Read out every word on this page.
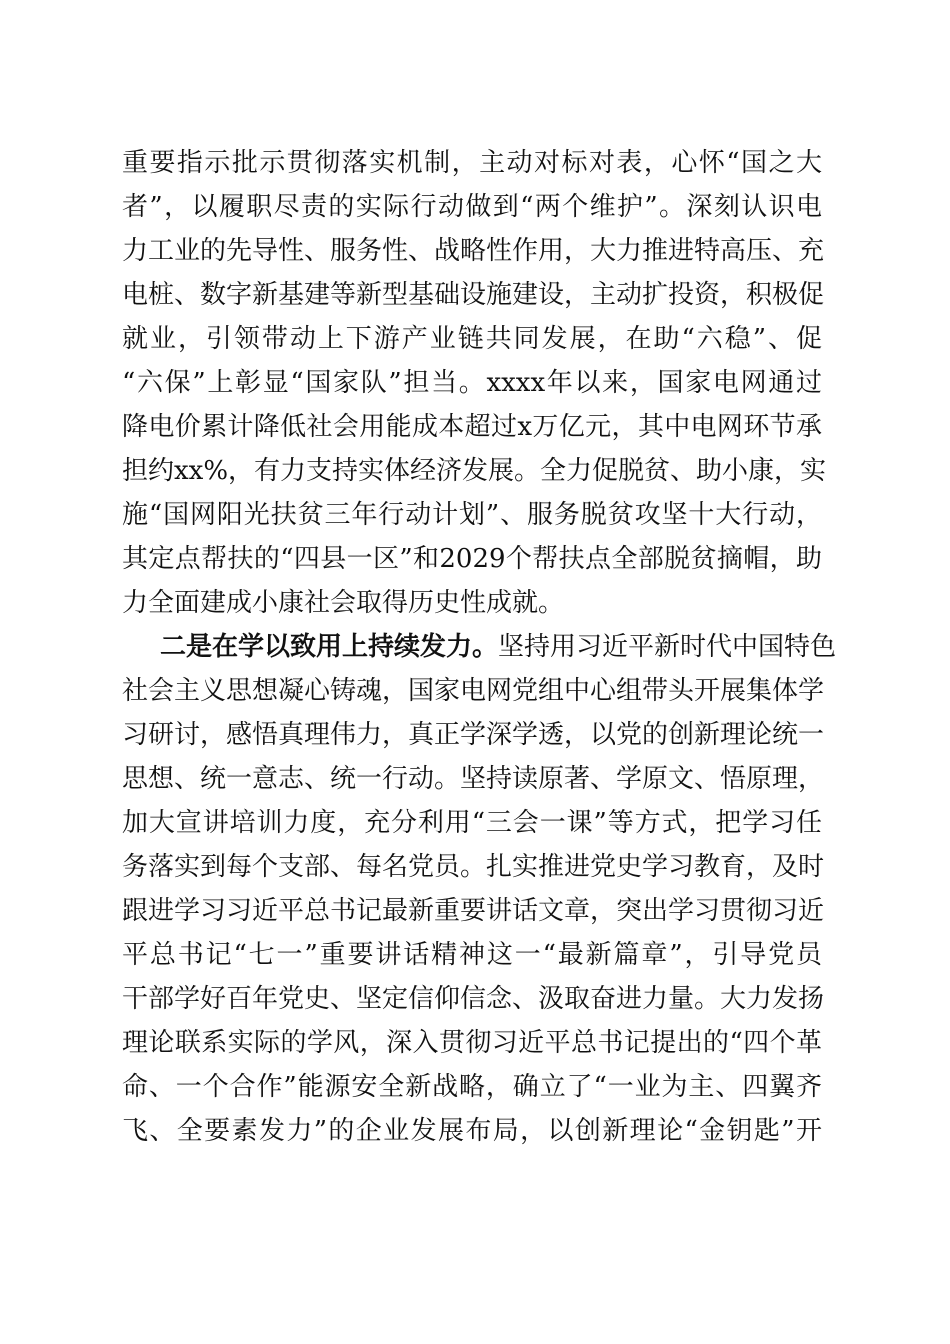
重要指示批示贯彻落实机制，主动对标对表，心怀“国之大
者”，以履职尽责的实际行动做到“两个维护”。深刻认识电
力工业的先导性、服务性、战略性作用，大力推进特高压、充
电桩、数字新基建等新型基础设施建设，主动扩投资，积极促
就业，引领带动上下游产业链共同发展，在助“六稳”、促
“六保”上彰显“国家队”担当。xxxx年以来，国家电网通过
降电价累计降低社会用能成本超过x万亿元，其中电网环节承
担约xx%，有力支持实体经济发展。全力促脱贫、助小康，实
施“国网阳光扶贫三年行动计划”、服务脱贫攻坚十大行动，
其定点帮扶的“四县一区”和2029个帮扶点全部脱贫摘帽，助
力全面建成小康社会取得历史性成就。
二是在学以致用上持续发力。坚持用习近平新时代中国特色
社会主义思想凝心铸魂，国家电网党组中心组带头开展集体学
习研讨，感悟真理伟力，真正学深学透，以党的创新理论统一
思想、统一意志、统一行动。坚持读原著、学原文、悟原理，
加大宣讲培训力度，充分利用“三会一课”等方式，把学习任
务落实到每个支部、每名党员。扎实推进党史学习教育，及时
跟进学习习近平总书记最新重要讲话文章，突出学习贯彻习近
平总书记“七一”重要讲话精神这一“最新篇章”，引导党员
干部学好百年党史、坚定信仰信念、汲取奋进力量。大力发扬
理论联系实际的学风，深入贯彻习近平总书记提出的“四个革
命、一个合作”能源安全新战略，确立了“一业为主、四翼齐
飞、全要素发力”的企业发展布局，以创新理论“金钥匙”开
